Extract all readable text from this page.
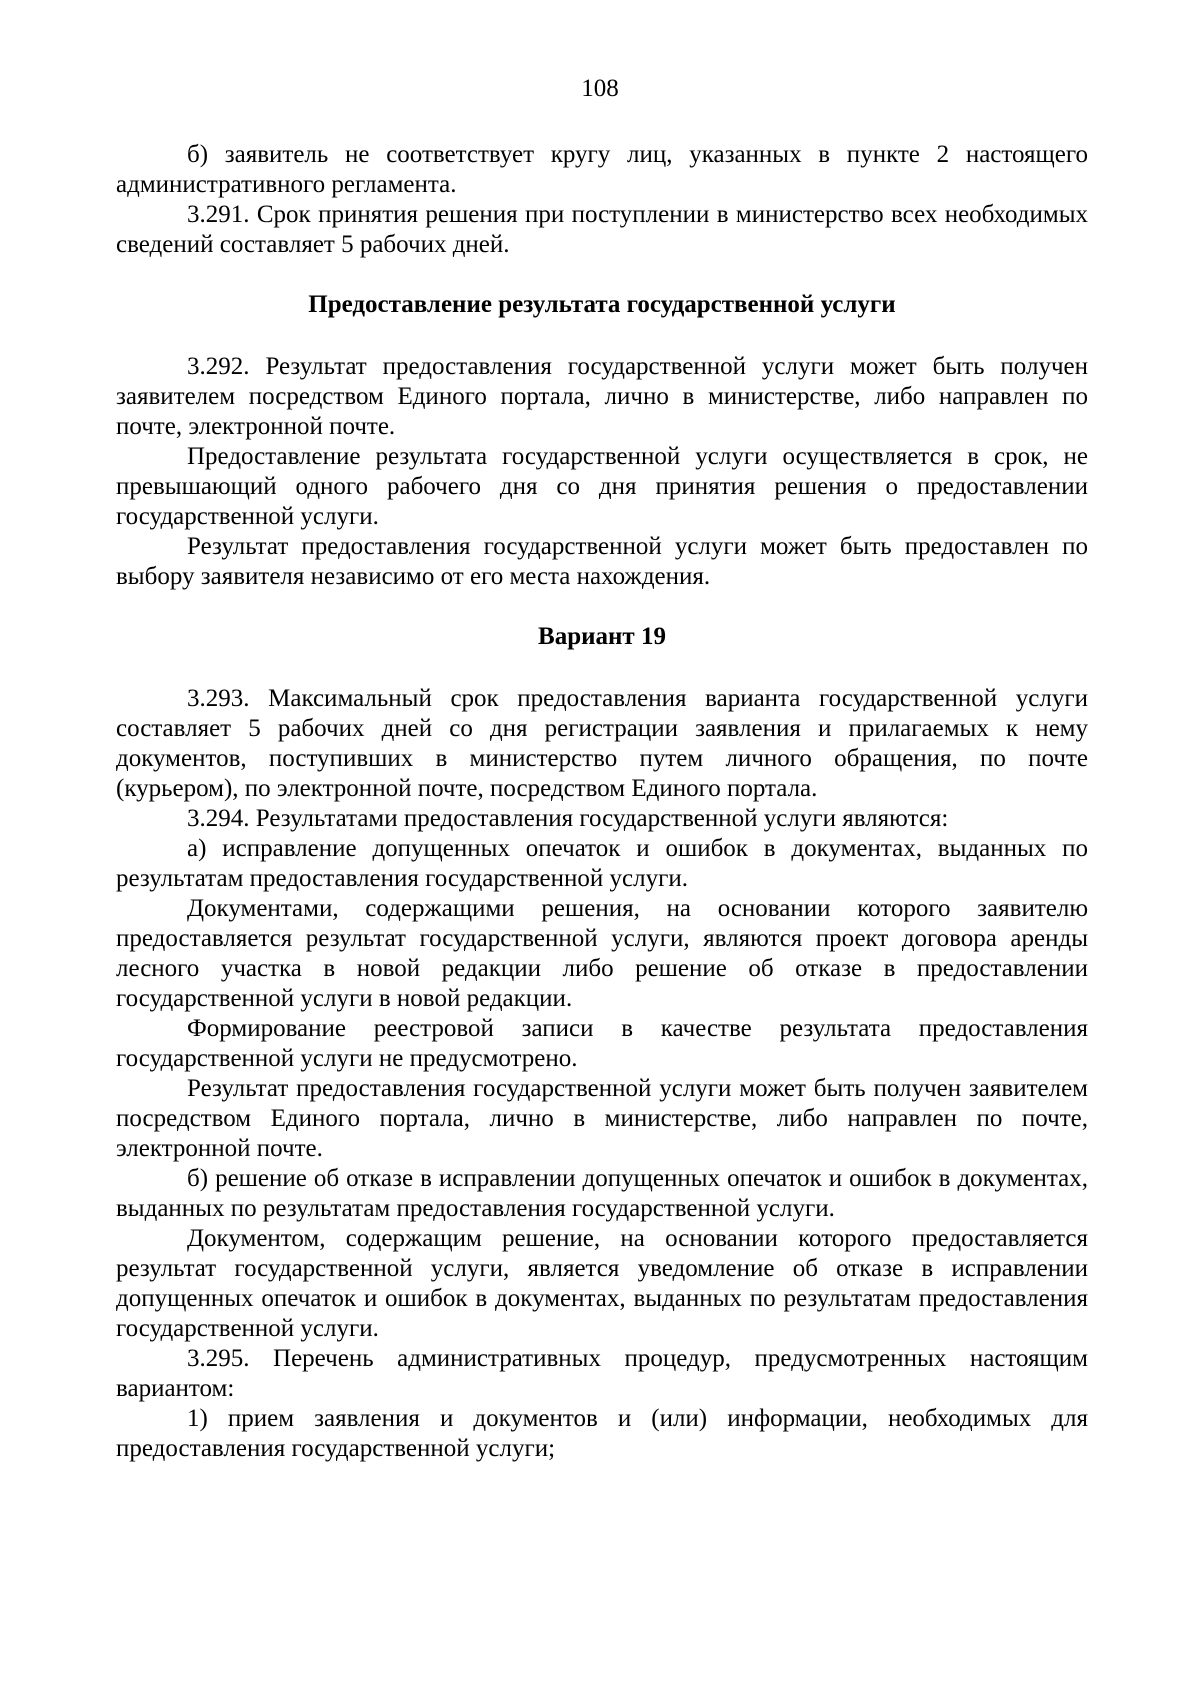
108

б) заявитель не соответствует кругу лиц, указанных в пункте 2 настоящего административного регламента.

3.291. Срок принятия решения при поступлении в министерство всех необходимых сведений составляет 5 рабочих дней.

Предоставление результата государственной услуги

3.292. Результат предоставления государственной услуги может быть получен заявителем посредством Единого портала, лично в министерстве, либо направлен по почте, электронной почте.

Предоставление результата государственной услуги осуществляется в срок, не превышающий одного рабочего дня со дня принятия решения о предоставлении государственной услуги.

Результат предоставления государственной услуги может быть предоставлен по выбору заявителя независимо от его места нахождения.

Вариант 19

3.293. Максимальный срок предоставления варианта государственной услуги составляет 5 рабочих дней со дня регистрации заявления и прилагаемых к нему документов, поступивших в министерство путем личного обращения, по почте (курьером), по электронной почте, посредством Единого портала.

3.294. Результатами предоставления государственной услуги являются:

а) исправление допущенных опечаток и ошибок в документах, выданных по результатам предоставления государственной услуги.

Документами, содержащими решения, на основании которого заявителю предоставляется результат государственной услуги, являются проект договора аренды лесного участка в новой редакции либо решение об отказе в предоставлении государственной услуги в новой редакции.

Формирование реестровой записи в качестве результата предоставления государственной услуги не предусмотрено.

Результат предоставления государственной услуги может быть получен заявителем посредством Единого портала, лично в министерстве, либо направлен по почте, электронной почте.

б) решение об отказе в исправлении допущенных опечаток и ошибок в документах, выданных по результатам предоставления государственной услуги.

Документом, содержащим решение, на основании которого предоставляется результат государственной услуги, является уведомление об отказе в исправлении допущенных опечаток и ошибок в документах, выданных по результатам предоставления государственной услуги.

3.295. Перечень административных процедур, предусмотренных настоящим вариантом:

1) прием заявления и документов и (или) информации, необходимых для предоставления государственной услуги;
